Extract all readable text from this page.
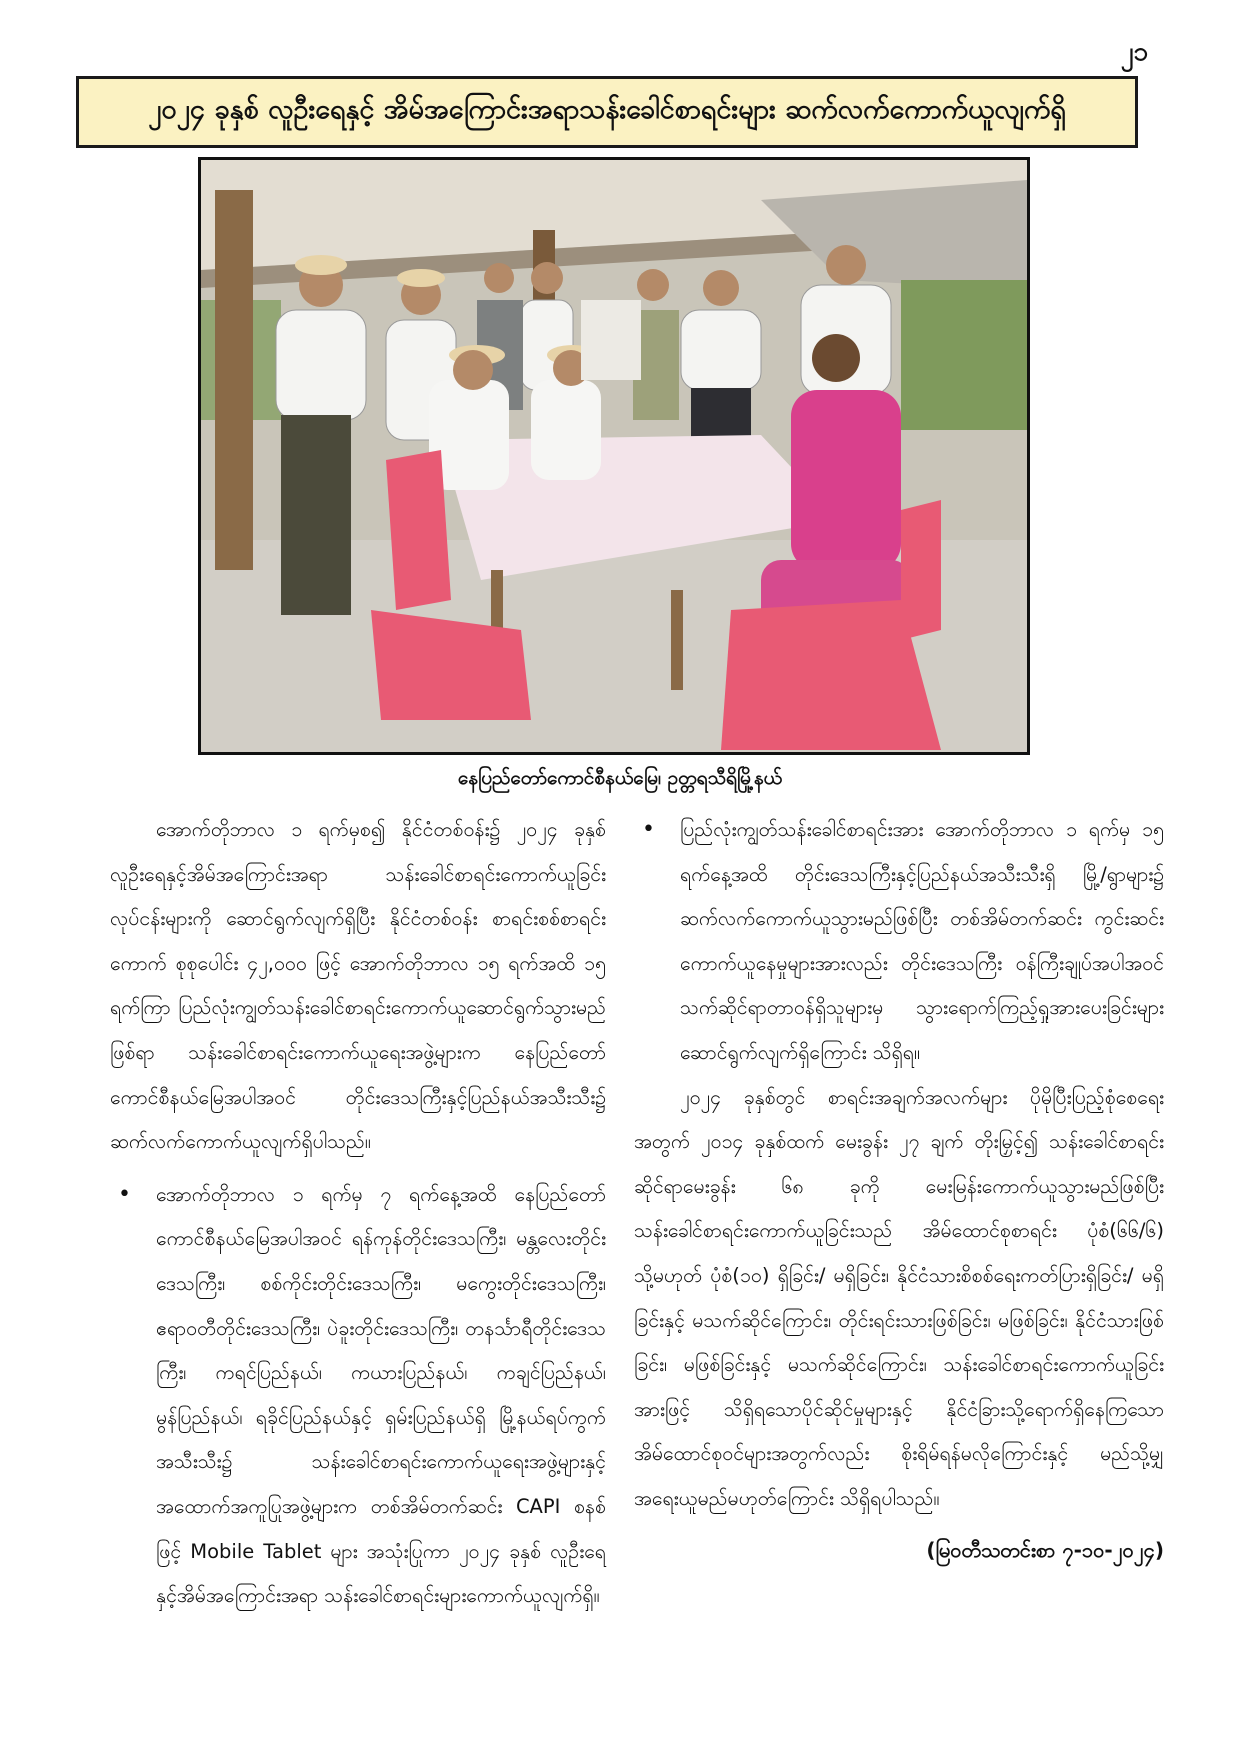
၂၁
၂၀၂၄ ခုနှစ် လူဦးရေနှင့် အိမ်အကြောင်းအရာသန်းခေါင်စာရင်းများ ဆက်လက်ကောက်ယူလျက်ရှိ
နေပြည်တော်ကောင်စီနယ်မြေ၊ ဥတ္တရသီရိမြို့နယ်

အောက်တိုဘာလ ၁ ရက်မှစ၍ နိုင်ငံတစ်ဝန်း၌ ၂၀၂၄ ခုနှစ် လူဦးရေနှင့်အိမ်အကြောင်းအရာ သန်းခေါင်စာရင်းကောက်ယူခြင်းလုပ်ငန်းများကို ဆောင်ရွက်လျက်ရှိပြီး နိုင်ငံတစ်ဝန်း စာရင်းစစ်စာရင်းကောက် စုစုပေါင်း ၄၂,၀၀၀ ဖြင့် အောက်တိုဘာလ ၁၅ ရက်အထိ ၁၅ ရက်ကြာ ပြည်လုံးကျွတ်သန်းခေါင်စာရင်းကောက်ယူဆောင်ရွက်သွားမည်ဖြစ်ရာ သန်းခေါင်စာရင်းကောက်ယူရေးအဖွဲ့များက နေပြည်တော်ကောင်စီနယ်မြေအပါအဝင် တိုင်းဒေသကြီးနှင့်ပြည်နယ်အသီးသီး၌ ဆက်လက်ကောက်ယူလျက်ရှိပါသည်။

• အောက်တိုဘာလ ၁ ရက်မှ ၇ ရက်နေ့အထိ နေပြည်တော်ကောင်စီနယ်မြေအပါအဝင် ရန်ကုန်တိုင်းဒေသကြီး၊ မန္တလေးတိုင်းဒေသကြီး၊ စစ်ကိုင်းတိုင်းဒေသကြီး၊ မကွေးတိုင်းဒေသကြီး၊ ဧရာဝတီတိုင်းဒေသကြီး၊ ပဲခူးတိုင်းဒေသကြီး၊ တနင်္သာရီတိုင်းဒေသကြီး၊ ကရင်ပြည်နယ်၊ ကယားပြည်နယ်၊ ကချင်ပြည်နယ်၊ မွန်ပြည်နယ်၊ ရခိုင်ပြည်နယ်နှင့် ရှမ်းပြည်နယ်ရှိ မြို့နယ်ရပ်ကွက်အသီးသီး၌ သန်းခေါင်စာရင်းကောက်ယူရေးအဖွဲ့များနှင့် အထောက်အကူပြုအဖွဲ့များက တစ်အိမ်တက်ဆင်း CAPI စနစ်ဖြင့် Mobile Tablet များ အသုံးပြုကာ ၂၀၂၄ ခုနှစ် လူဦးရေနှင့်အိမ်အကြောင်းအရာ သန်းခေါင်စာရင်းများကောက်ယူလျက်ရှိ။

• ပြည်လုံးကျွတ်သန်းခေါင်စာရင်းအား အောက်တိုဘာလ ၁ ရက်မှ ၁၅ ရက်နေ့အထိ တိုင်းဒေသကြီးနှင့်ပြည်နယ်အသီးသီးရှိ မြို့/ရွာများ၌ ဆက်လက်ကောက်ယူသွားမည်ဖြစ်ပြီး တစ်အိမ်တက်ဆင်း ကွင်းဆင်းကောက်ယူနေမှုများအားလည်း တိုင်းဒေသကြီး ဝန်ကြီးချုပ်အပါအဝင် သက်ဆိုင်ရာတာဝန်ရှိသူများမှ သွားရောက်ကြည့်ရှုအားပေးခြင်းများ ဆောင်ရွက်လျက်ရှိကြောင်း သိရှိရ။

၂၀၂၄ ခုနှစ်တွင် စာရင်းအချက်အလက်များ ပိုမိုပြီးပြည့်စုံစေရေးအတွက် ၂၀၁၄ ခုနှစ်ထက် မေးခွန်း ၂၇ ချက် တိုးမြှင့်၍ သန်းခေါင်စာရင်းဆိုင်ရာမေးခွန်း ၆၈ ခုကို မေးမြန်းကောက်ယူသွားမည်ဖြစ်ပြီး သန်းခေါင်စာရင်းကောက်ယူခြင်းသည် အိမ်ထောင်စုစာရင်း ပုံစံ(၆၆/၆) သို့မဟုတ် ပုံစံ(၁၀) ရှိခြင်း/ မရှိခြင်း၊ နိုင်ငံသားစိစစ်ရေးကတ်ပြားရှိခြင်း/ မရှိခြင်းနှင့် မသက်ဆိုင်ကြောင်း၊ တိုင်းရင်းသားဖြစ်ခြင်း၊ မဖြစ်ခြင်း၊ နိုင်ငံသားဖြစ်ခြင်း၊ မဖြစ်ခြင်းနှင့် မသက်ဆိုင်ကြောင်း၊ သန်းခေါင်စာရင်းကောက်ယူခြင်းအားဖြင့် သိရှိရသောပိုင်ဆိုင်မှုများနှင့် နိုင်ငံခြားသို့ရောက်ရှိနေကြသောအိမ်ထောင်စုဝင်များအတွက်လည်း စိုးရိမ်ရန်မလိုကြောင်းနှင့် မည်သို့မျှအရေးယူမည်မဟုတ်ကြောင်း သိရှိရပါသည်။

(မြဝတီသတင်းစာ ၇-၁၀-၂၀၂၄)
